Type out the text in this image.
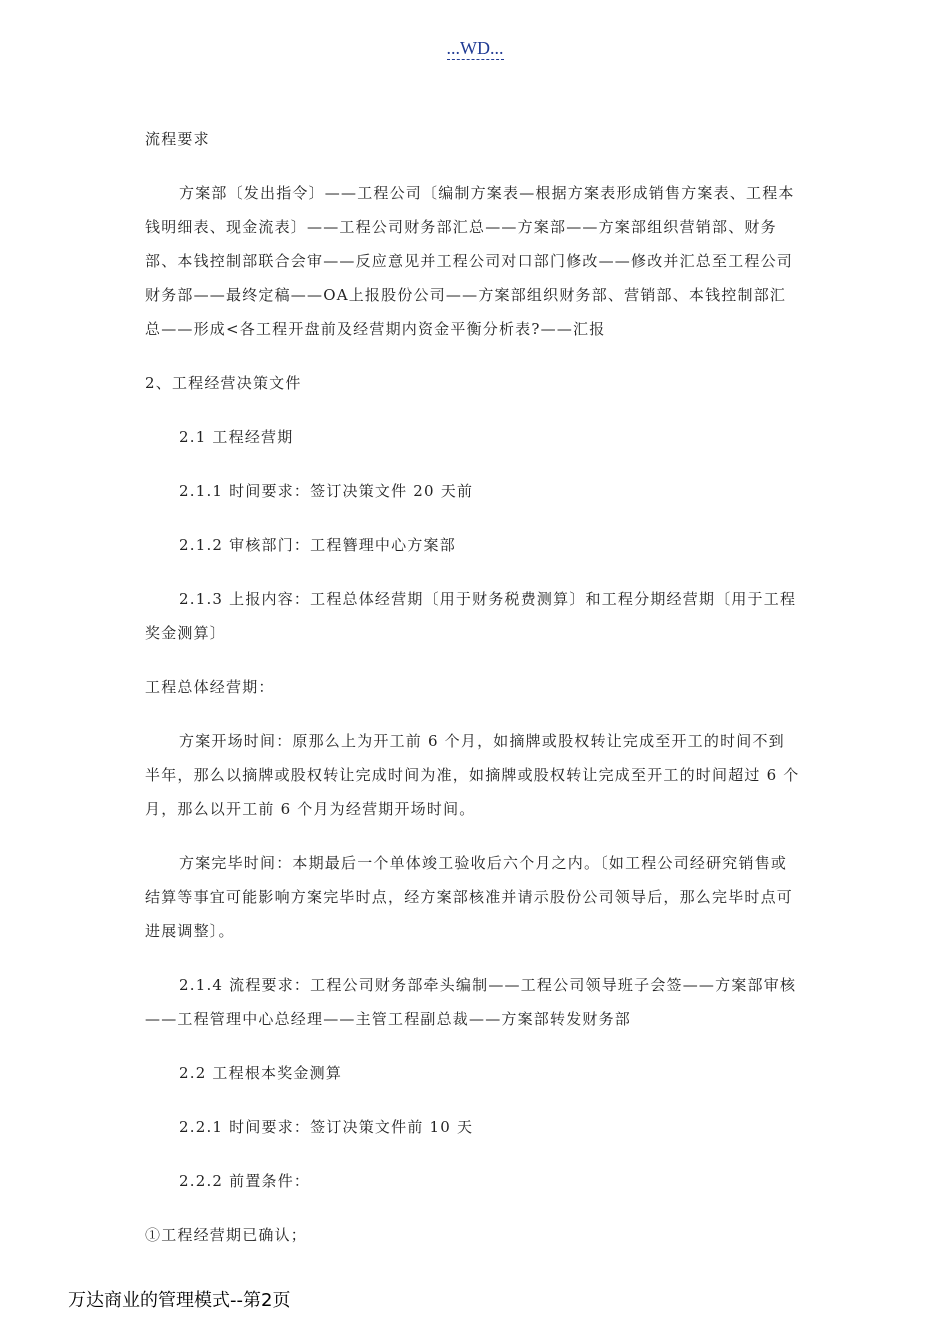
...WD...

流程要求

方案部〔发出指令〕——工程公司〔编制方案表—根据方案表形成销售方案表、工程本钱明细表、现金流表〕——工程公司财务部汇总——方案部——方案部组织营销部、财务部、本钱控制部联合会审——反应意见并工程公司对口部门修改——修改并汇总至工程公司财务部——最终定稿——OA上报股份公司——方案部组织财务部、营销部、本钱控制部汇总——形成<各工程开盘前及经营期内资金平衡分析表?——汇报

2、工程经营决策文件

2.1 工程经营期

2.1.1 时间要求：签订决策文件 20 天前

2.1.2 审核部门：工程簪理中心方案部

2.1.3 上报内容：工程总体经营期〔用于财务税费测算〕和工程分期经营期〔用于工程奖金测算〕

工程总体经营期：

方案开场时间：原那么上为开工前 6 个月，如摘牌或股权转让完成至开工的时间不到半年，那么以摘牌或股权转让完成时间为准，如摘牌或股权转让完成至开工的时间超过 6 个月，那么以开工前 6 个月为经营期开场时间。

方案完毕时间：本期最后一个单体竣工验收后六个月之内。〔如工程公司经研究销售或结算等事宜可能影响方案完毕时点，经方案部核准并请示股份公司领导后，那么完毕时点可进展调整〕。

2.1.4 流程要求：工程公司财务部牵头编制——工程公司领导班子会签——方案部审核——工程管理中心总经理——主管工程副总裁——方案部转发财务部

2.2 工程根本奖金测算

2.2.1 时间要求：签订决策文件前 10 天

2.2.2 前置条件：

①工程经营期已确认；

万达商业的管理模式--第2页
